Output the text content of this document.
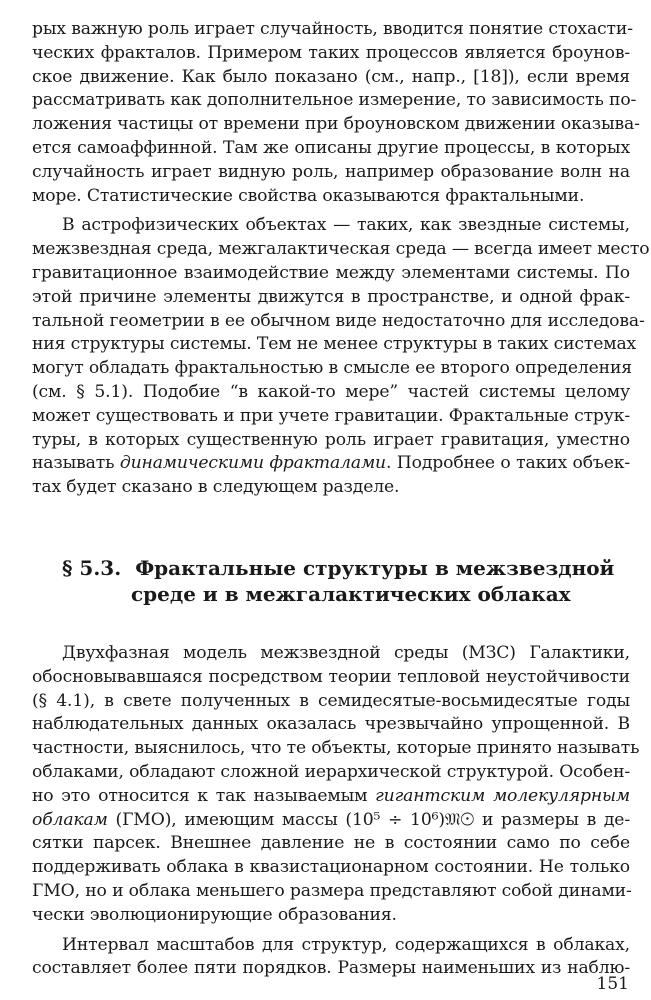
рых важную роль играет случайность, вводится понятие стохасти-
ческих фракталов. Примером таких процессов является броунов-
ское движение. Как было показано (см., напр., [18]), если время
рассматривать как дополнительное измерение, то зависимость по-
ложения частицы от времени при броуновском движении оказыва-
ется самоаффинной. Там же описаны другие процессы, в которых
случайность играет видную роль, например образование волн на
море. Статистические свойства оказываются фрактальными.
В астрофизических объектах — таких, как звездные системы,
межзвездная среда, межгалактическая среда — всегда имеет место
гравитационное взаимодействие между элементами системы. По
этой причине элементы движутся в пространстве, и одной фрак-
тальной геометрии в ее обычном виде недостаточно для исследова-
ния структуры системы. Тем не менее структуры в таких системах
могут обладать фрактальностью в смысле ее второго определения
(см. § 5.1). Подобие “в какой-то мере” частей системы целому
может существовать и при учете гравитации. Фрактальные струк-
туры, в которых существенную роль играет гравитация, уместно
называть динамическими фракталами. Подробнее о таких объек-
тах будет сказано в следующем разделе.
§ 5.3. Фрактальные структуры в межзвездной
среде и в межгалактических облаках
Двухфазная модель межзвездной среды (МЗС) Галактики,
обосновывавшаяся посредством теории тепловой неустойчивости
(§ 4.1), в свете полученных в семидесятые-восьмидесятые годы
наблюдательных данных оказалась чрезвычайно упрощенной. В
частности, выяснилось, что те объекты, которые принято называть
облаками, обладают сложной иерархической структурой. Особен-
но это относится к так называемым гигантским молекулярным
облакам (ГМО), имеющим массы (10⁵ ÷ 10⁶)𝔐☉ и размеры в де-
сятки парсек. Внешнее давление не в состоянии само по себе
поддерживать облака в квазистационарном состоянии. Не только
ГМО, но и облака меньшего размера представляют собой динами-
чески эволюционирующие образования.
Интервал масштабов для структур, содержащихся в облаках,
составляет более пяти порядков. Размеры наименьших из наблю-
151
